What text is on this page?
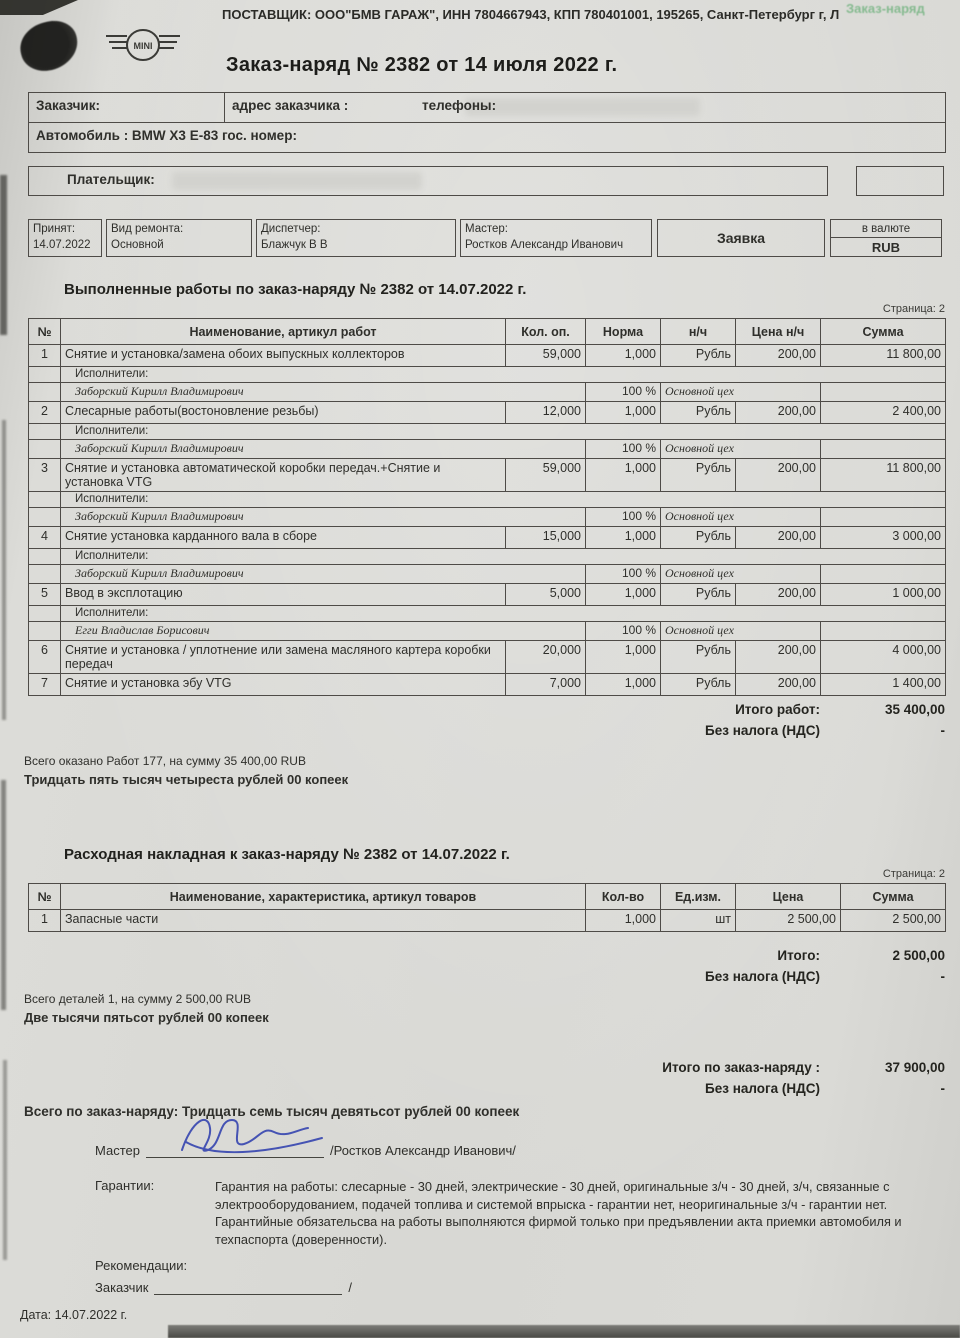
Заказ-наряд
ПОСТАВЩИК: ООО"БМВ ГАРАЖ", ИНН 7804667943, КПП 780401001, 195265, Санкт-Петербург г, Л
MINI
Заказ-наряд № 2382 от 14 июля 2022 г.
Заказчик:	адрес заказчика :	телефоны:
Автомобиль : BMW X3 E-83 гос. номер:
Плательщик:
Принят:
14.07.2022
Вид ремонта:
Основной
Диспетчер:
Блажчук В В
Мастер:
Ростков Александр Иванович	Заявка
в валюте
RUB
Выполненные работы по заказ-наряду № 2382 от 14.07.2022 г.
Страница: 2
№	Наименование, артикул работ	Кол. оп.	Норма	н/ч	Цена н/ч	Сумма
1	Снятие и установка/замена обоих выпускных коллекторов	59,000	1,000	Рубль	200,00	11 800,00
	Исполнители:					
	Заборский Кирилл Владимирович		100 %	Основной цех		
2	Слесарные работы(востоновление резьбы)	12,000	1,000	Рубль	200,00	2 400,00
	Исполнители:					
	Заборский Кирилл Владимирович		100 %	Основной цех		
3	Снятие и установка автоматической коробки передач.+Снятие и установка VTG	59,000	1,000	Рубль	200,00	11 800,00
	Исполнители:					
	Заборский Кирилл Владимирович		100 %	Основной цех		
4	Снятие установка карданного вала в сборе	15,000	1,000	Рубль	200,00	3 000,00
	Исполнители:					
	Заборский Кирилл Владимирович		100 %	Основной цех		
5	Ввод в эксплотацию	5,000	1,000	Рубль	200,00	1 000,00
	Исполнители:					
	Егги Владислав Борисович		100 %	Основной цех		
6	Снятие и установка / уплотнение или замена масляного картера коробки передач	20,000	1,000	Рубль	200,00	4 000,00
7	Снятие и установка эбу VTG	7,000	1,000	Рубль	200,00	1 400,00
Итого работ:	35 400,00
Без налога (НДС)	-
Всего оказано Работ 177, на сумму 35 400,00 RUB
Тридцать пять тысяч четыреста рублей 00 копеек
Расходная накладная к заказ-наряду № 2382 от 14.07.2022 г.
Страница: 2
№	Наименование, характеристика, артикул товаров	Кол-во	Ед.изм.	Цена	Сумма
1	Запасные части	1,000	шт	2 500,00	2 500,00
Итого:	2 500,00
Без налога (НДС)	-
Всего деталей 1, на сумму 2 500,00 RUB
Две тысячи пятьсот рублей 00 копеек
Итого по заказ-наряду :	37 900,00
Без налога (НДС)	-
Всего по заказ-наряду: Тридцать семь тысяч девятьсот рублей 00 копеек
Мастер	/Ростков Александр Иванович/
Гарантии:	Гарантия на работы: слесарные - 30 дней, электрические - 30 дней, оригинальные з/ч - 30 дней, з/ч, связанные с электрооборудованием, подачей топлива и системой впрыска - гарантии нет, неоригинальные з/ч - гарантии нет. Гарантийные обязательсва на работы выполняются фирмой только при предъявлении акта приемки автомобиля и техпаспорта (доверенности).
Рекомендации:
Заказчик	/
Дата: 14.07.2022 г.
